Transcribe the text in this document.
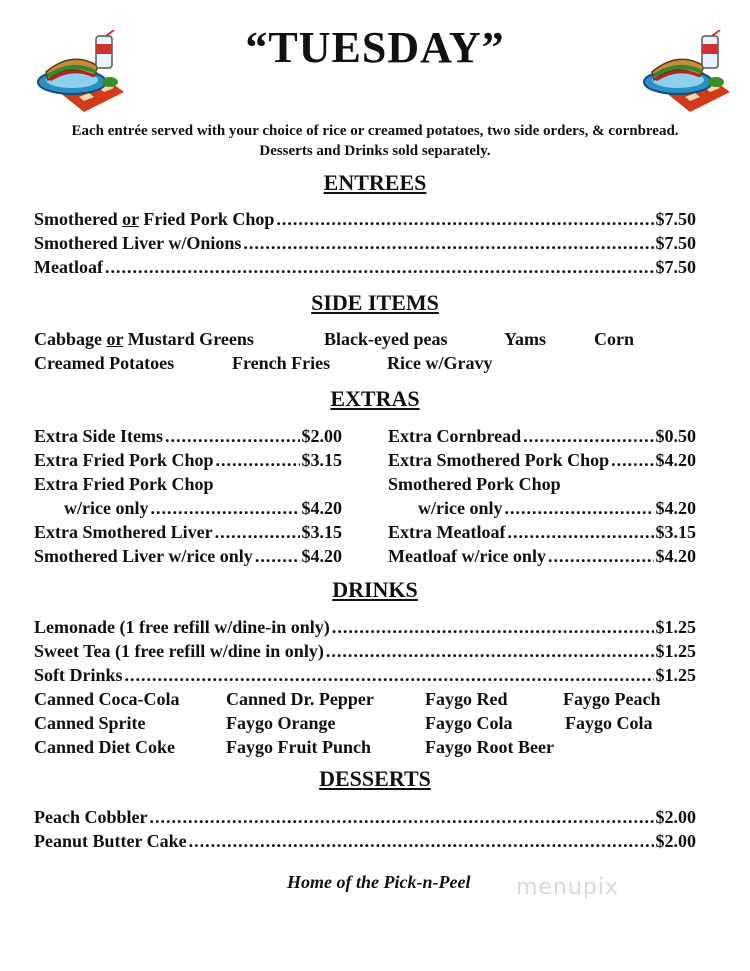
“TUESDAY”
Each entrée served with your choice of rice or creamed potatoes, two side orders, & cornbread.
Desserts and Drinks sold separately.
ENTREES
Smothered or Fried Pork Chop .....	$7.50
Smothered Liver w/Onions .....	$7.50
Meatloaf .....	$7.50
SIDE ITEMS
Cabbage or Mustard Greens	Black-eyed peas	Yams	Corn
Creamed Potatoes	French Fries	Rice w/Gravy
EXTRAS
Extra Side Items .....	$2.00
Extra Fried Pork Chop .....	$3.15
Extra Fried Pork Chop
w/rice only .....	$4.20
Extra Smothered Liver .....	$3.15
Smothered Liver w/rice only .....	$4.20
Extra Cornbread .....	$0.50
Extra Smothered Pork Chop .....	$4.20
Smothered Pork Chop
w/rice only .....	$4.20
Extra Meatloaf .....	$3.15
Meatloaf w/rice only .....	$4.20
DRINKS
Lemonade (1 free refill w/dine-in only) .....	$1.25
Sweet Tea (1 free refill w/dine in only) .....	$1.25
Soft Drinks .....	$1.25
Canned Coca-Cola	Canned Dr. Pepper	Faygo Red	Faygo Peach
Canned Sprite	Faygo Orange	Faygo Cola	Faygo Cola
Canned Diet Coke	Faygo Fruit Punch	Faygo Root Beer
DESSERTS
Peach Cobbler .....	$2.00
Peanut Butter Cake .....	$2.00
Home of the Pick-n-Peel menupix
